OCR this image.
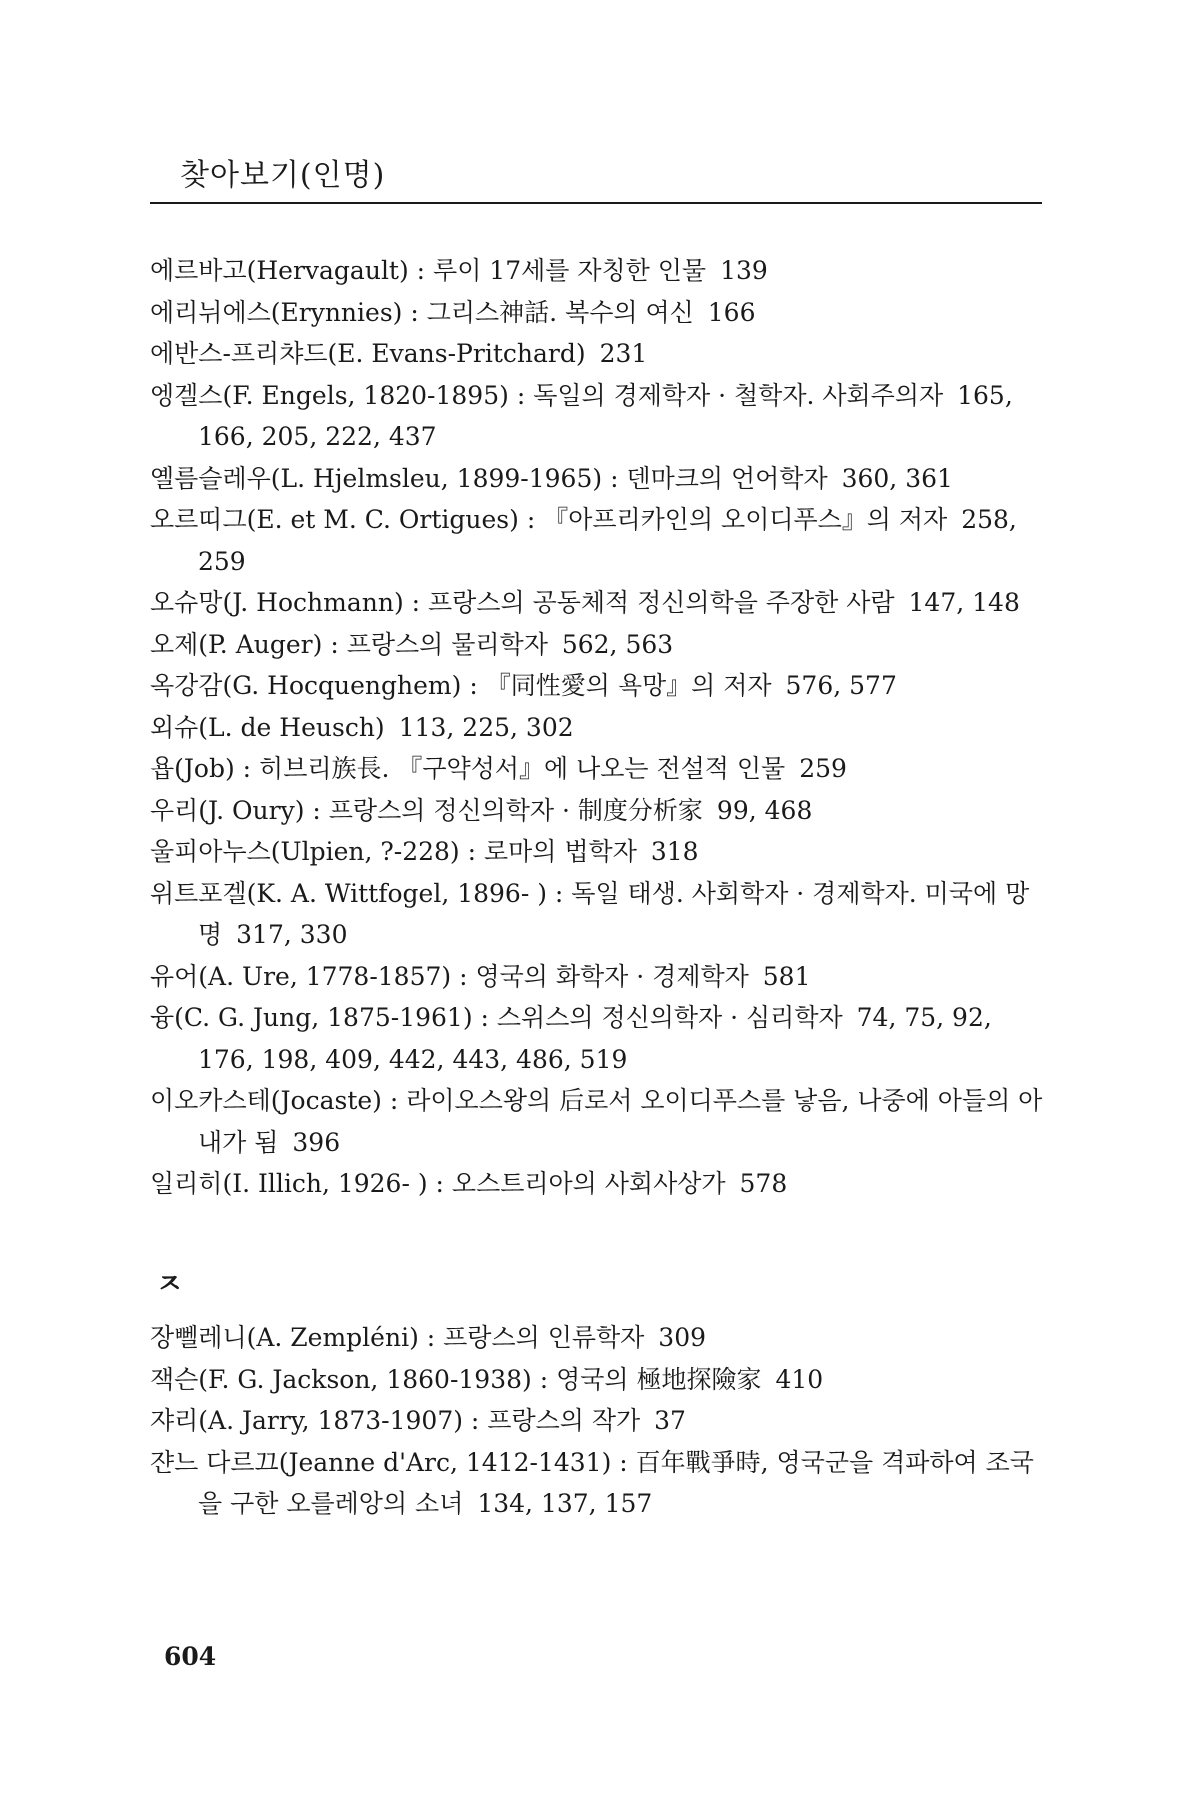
찾아보기(인명)

에르바고(Hervagault) : 루이 17세를 자칭한 인물 139

에리뉘에스(Erynnies) : 그리스神話. 복수의 여신 166

에반스-프리챠드(E. Evans-Pritchard) 231

엥겔스(F. Engels, 1820-1895) : 독일의 경제학자 · 철학자. 사회주의자 165, 166, 205, 222, 437

옐름슬레우(L. Hjelmsleu, 1899-1965) : 덴마크의 언어학자 360, 361

오르띠그(E. et M. C. Ortigues) : 『아프리카인의 오이디푸스』의 저자 258, 259

오슈망(J. Hochmann) : 프랑스의 공동체적 정신의학을 주장한 사람 147, 148

오제(P. Auger) : 프랑스의 물리학자 562, 563

옥강감(G. Hocquenghem) : 『同性愛의 욕망』의 저자 576, 577

외슈(L. de Heusch) 113, 225, 302

욥(Job) : 히브리族長. 『구약성서』에 나오는 전설적 인물 259

우리(J. Oury) : 프랑스의 정신의학자 · 制度分析家 99, 468

울피아누스(Ulpien, ?-228) : 로마의 법학자 318

위트포겔(K. A. Wittfogel, 1896- ) : 독일 태생. 사회학자 · 경제학자. 미국에 망명 317, 330

유어(A. Ure, 1778-1857) : 영국의 화학자 · 경제학자 581

융(C. G. Jung, 1875-1961) : 스위스의 정신의학자 · 심리학자 74, 75, 92, 176, 198, 409, 442, 443, 486, 519

이오카스테(Jocaste) : 라이오스왕의 后로서 오이디푸스를 낳음, 나중에 아들의 아내가 됨 396

일리히(I. Illich, 1926- ) : 오스트리아의 사회사상가 578

ㅈ

장뻴레니(A. Zempléni) : 프랑스의 인류학자 309

잭슨(F. G. Jackson, 1860-1938) : 영국의 極地探險家 410

쟈리(A. Jarry, 1873-1907) : 프랑스의 작가 37

쟌느 다르끄(Jeanne d'Arc, 1412-1431) : 百年戰爭時, 영국군을 격파하여 조국을 구한 오를레앙의 소녀 134, 137, 157

604
